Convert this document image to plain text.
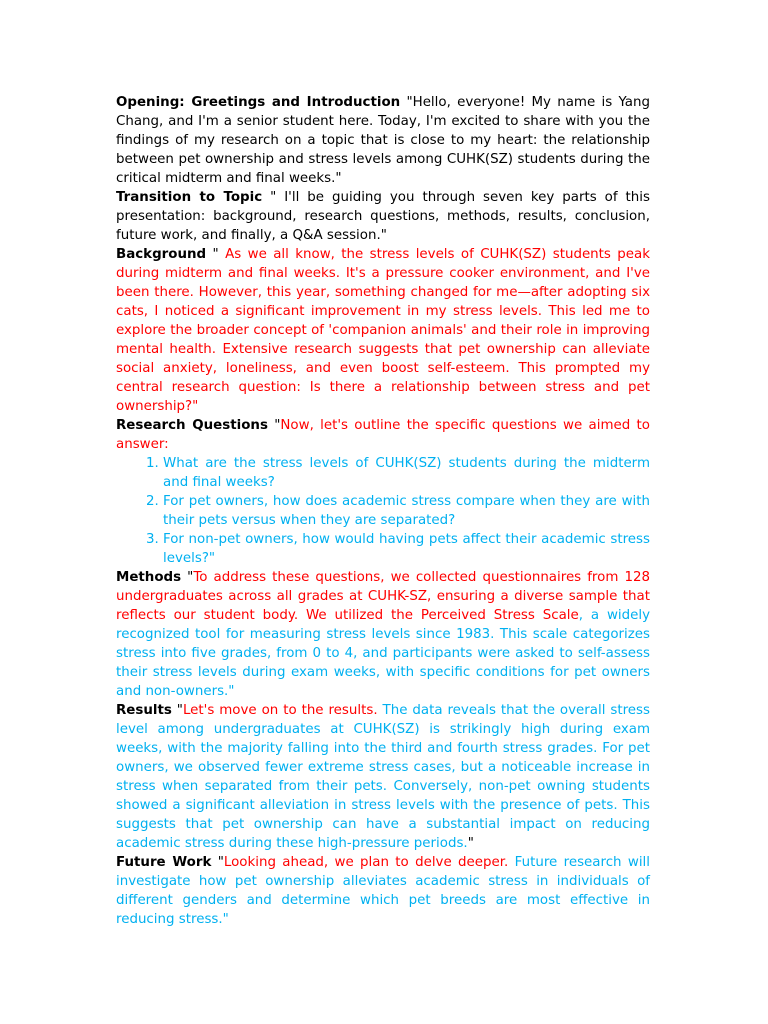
Opening: Greetings and Introduction "Hello, everyone! My name is Yang Chang, and I'm a senior student here. Today, I'm excited to share with you the findings of my research on a topic that is close to my heart: the relationship between pet ownership and stress levels among CUHK(SZ) students during the critical midterm and final weeks."

Transition to Topic " I'll be guiding you through seven key parts of this presentation: background, research questions, methods, results, conclusion, future work, and finally, a Q&A session."

Background " As we all know, the stress levels of CUHK(SZ) students peak during midterm and final weeks. It's a pressure cooker environment, and I've been there. However, this year, something changed for me—after adopting six cats, I noticed a significant improvement in my stress levels. This led me to explore the broader concept of 'companion animals' and their role in improving mental health. Extensive research suggests that pet ownership can alleviate social anxiety, loneliness, and even boost self-esteem. This prompted my central research question: Is there a relationship between stress and pet ownership?"

Research Questions "Now, let's outline the specific questions we aimed to answer:

1. What are the stress levels of CUHK(SZ) students during the midterm and final weeks?
2. For pet owners, how does academic stress compare when they are with their pets versus when they are separated?
3. For non-pet owners, how would having pets affect their academic stress levels?"

Methods "To address these questions, we collected questionnaires from 128 undergraduates across all grades at CUHK-SZ, ensuring a diverse sample that reflects our student body. We utilized the Perceived Stress Scale, a widely recognized tool for measuring stress levels since 1983. This scale categorizes stress into five grades, from 0 to 4, and participants were asked to self-assess their stress levels during exam weeks, with specific conditions for pet owners and non-owners."

Results "Let's move on to the results. The data reveals that the overall stress level among undergraduates at CUHK(SZ) is strikingly high during exam weeks, with the majority falling into the third and fourth stress grades. For pet owners, we observed fewer extreme stress cases, but a noticeable increase in stress when separated from their pets. Conversely, non-pet owning students showed a significant alleviation in stress levels with the presence of pets. This suggests that pet ownership can have a substantial impact on reducing academic stress during these high-pressure periods."

Future Work "Looking ahead, we plan to delve deeper. Future research will investigate how pet ownership alleviates academic stress in individuals of different genders and determine which pet breeds are most effective in reducing stress."
